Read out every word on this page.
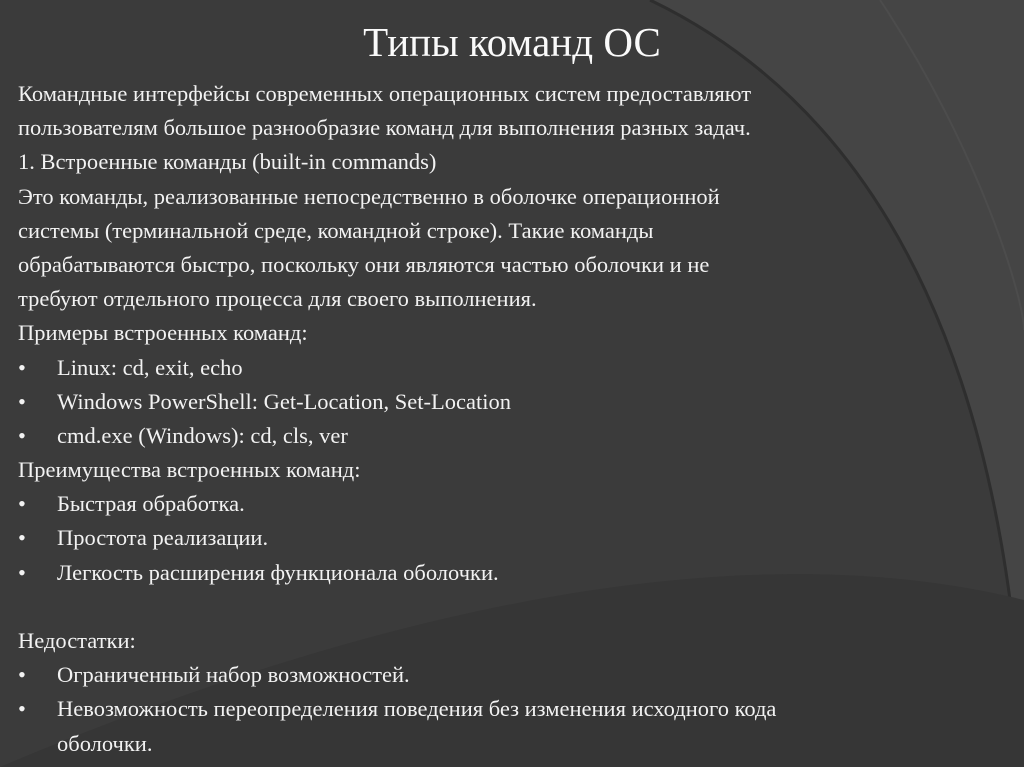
Типы команд ОС
Командные интерфейсы современных операционных систем предоставляют
пользователям большое разнообразие команд для выполнения разных задач.
1. Встроенные команды (built-in commands)
Это команды, реализованные непосредственно в оболочке операционной
системы (терминальной среде, командной строке). Такие команды
обрабатываются быстро, поскольку они являются частью оболочки и не
требуют отдельного процесса для своего выполнения.
Примеры встроенных команд:
•	Linux: cd, exit, echo
•	Windows PowerShell: Get-Location, Set-Location
•	cmd.exe (Windows): cd, cls, ver
Преимущества встроенных команд:
•	Быстрая обработка.
•	Простота реализации.
•	Легкость расширения функционала оболочки.
Недостатки:
•	Ограниченный набор возможностей.
•	Невозможность переопределения поведения без изменения исходного кода
оболочки.
